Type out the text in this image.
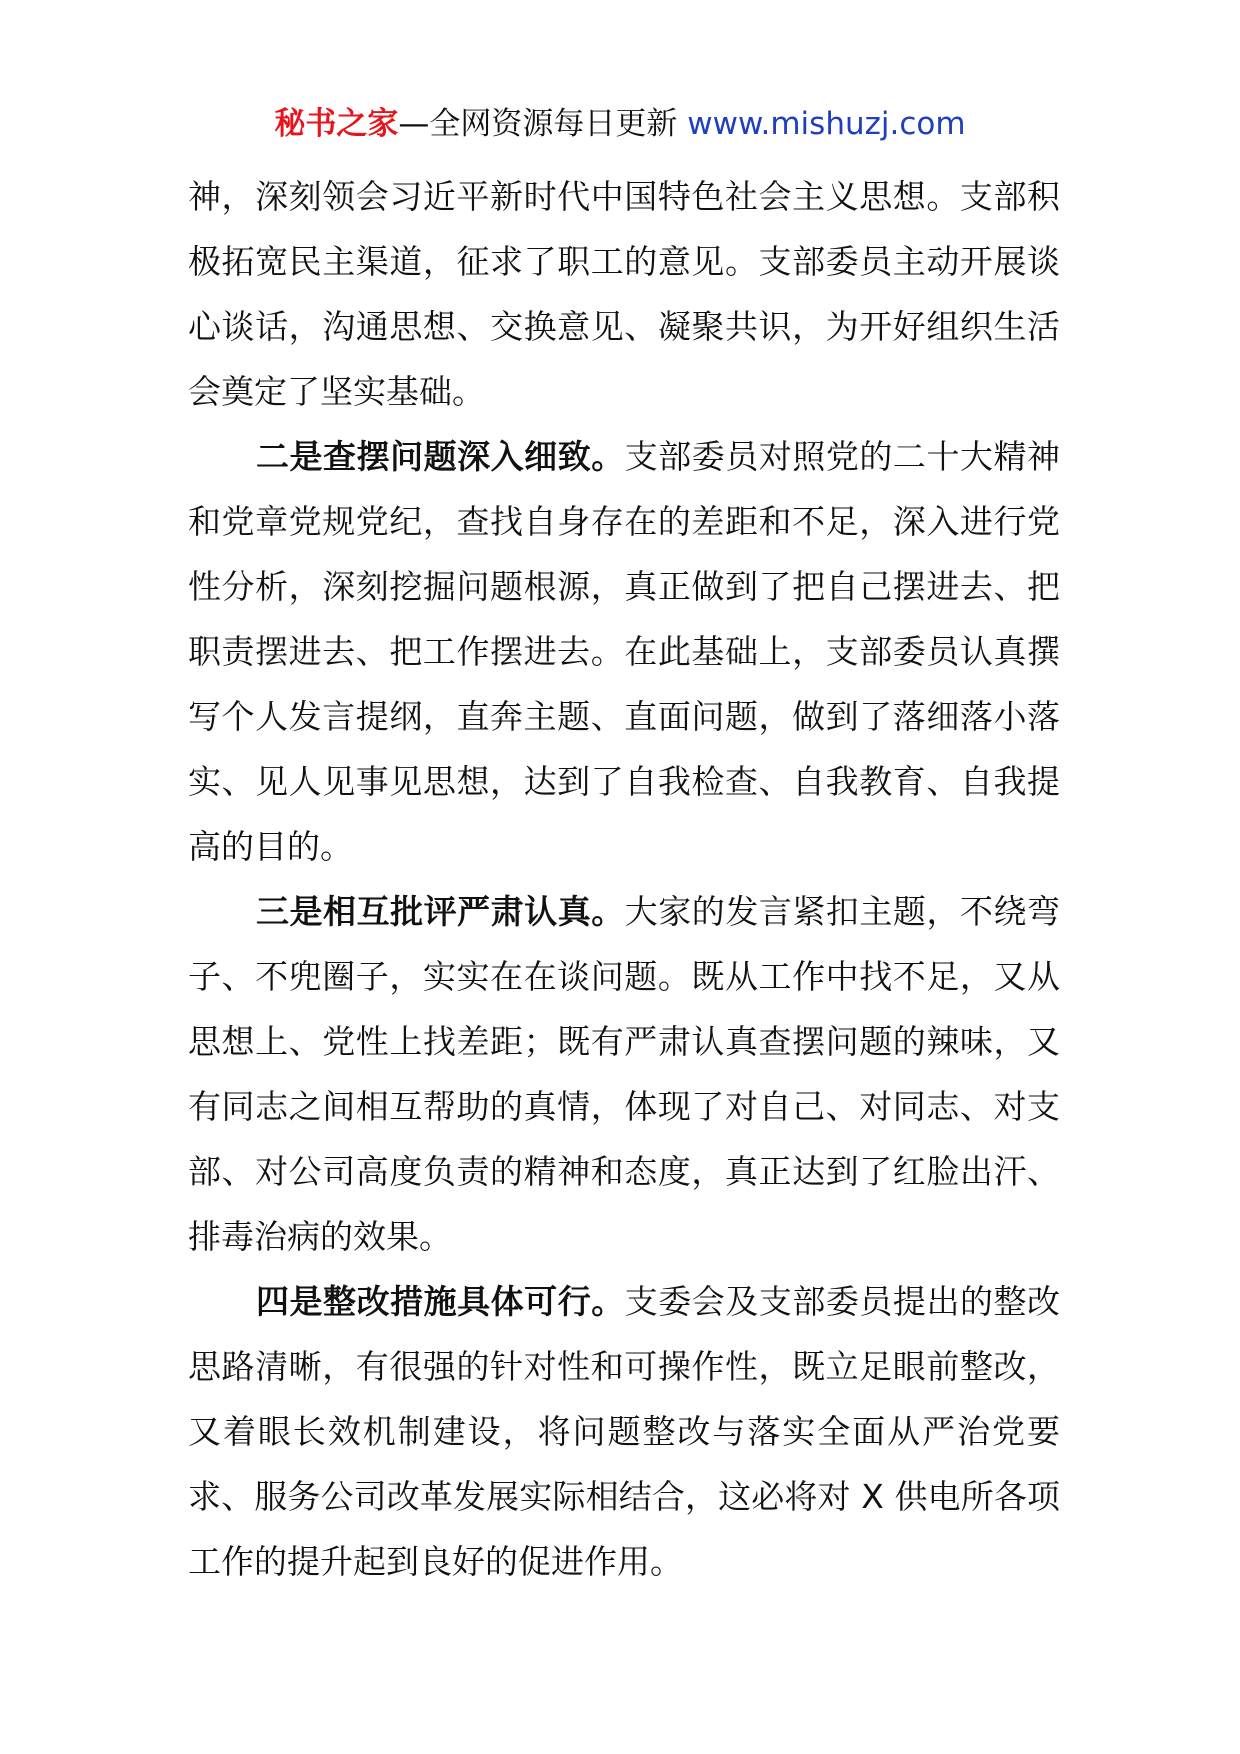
秘书之家—全网资源每日更新 www.mishuzj.com

神，深刻领会习近平新时代中国特色社会主义思想。支部积极拓宽民主渠道，征求了职工的意见。支部委员主动开展谈心谈话，沟通思想、交换意见、凝聚共识，为开好组织生活会奠定了坚实基础。

二是查摆问题深入细致。支部委员对照党的二十大精神和党章党规党纪，查找自身存在的差距和不足，深入进行党性分析，深刻挖掘问题根源，真正做到了把自己摆进去、把职责摆进去、把工作摆进去。在此基础上，支部委员认真撰写个人发言提纲，直奔主题、直面问题，做到了落细落小落实、见人见事见思想，达到了自我检查、自我教育、自我提高的目的。

三是相互批评严肃认真。大家的发言紧扣主题，不绕弯子、不兜圈子，实实在在谈问题。既从工作中找不足，又从思想上、党性上找差距；既有严肃认真查摆问题的辣味，又有同志之间相互帮助的真情，体现了对自己、对同志、对支部、对公司高度负责的精神和态度，真正达到了红脸出汗、排毒治病的效果。

四是整改措施具体可行。支委会及支部委员提出的整改思路清晰，有很强的针对性和可操作性，既立足眼前整改，又着眼长效机制建设，将问题整改与落实全面从严治党要求、服务公司改革发展实际相结合，这必将对 X 供电所各项工作的提升起到良好的促进作用。
